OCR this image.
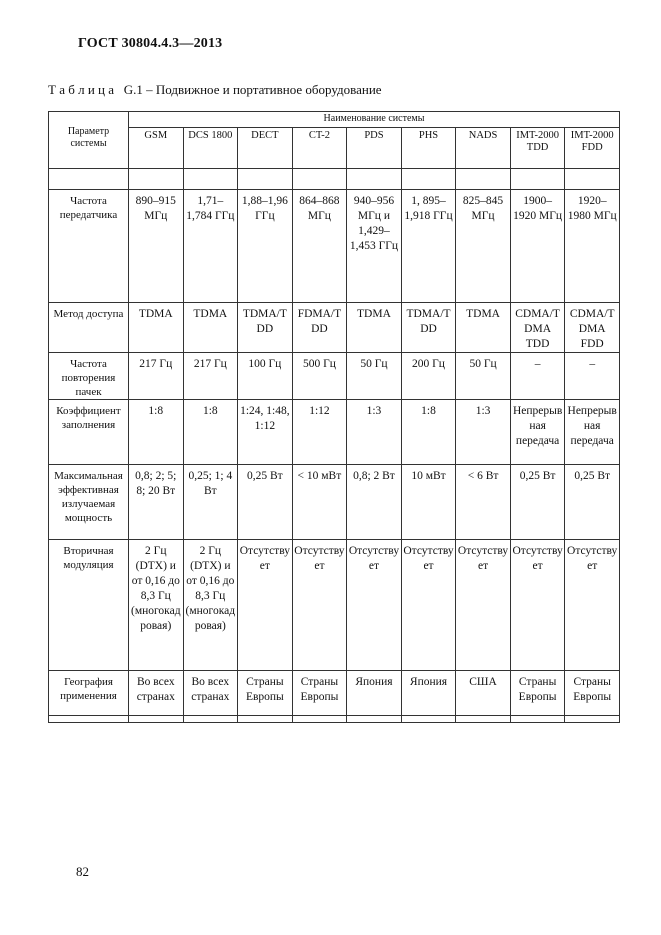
ГОСТ 30804.4.3—2013
Т а б л и ц а G.1 – Подвижное и портативное оборудование
Параметр системы	Наименование системы								
	GSM	DCS 1800	DECT	CT-2	PDS	PHS	NADS	IMT-2000 TDD	IMT-2000 FDD

Частота передатчика	890–915 МГц	1,71–1,784 ГГц	1,88–1,96 ГГц	864–868 МГц	940–956 МГц и 1,429–1,453 ГГц	1, 895–1,918 ГГц	825–845 МГц	1900–1920 МГц	1920–1980 МГц
Метод доступа	TDMA	TDMA	TDMA/TDD	FDMA/TDD	TDMA	TDMA/TDD	TDMA	CDMA/TDMA TDD	CDMA/TDMA FDD
Частота повторения пачек	217 Гц	217 Гц	100 Гц	500 Гц	50 Гц	200 Гц	50 Гц	–	–
Коэффициент заполнения	1:8	1:8	1:24, 1:48, 1:12	1:12	1:3	1:8	1:3	Непрерывная передача	Непрерывная передача
Максимальная эффективная излучаемая мощность	0,8; 2; 5; 8; 20 Вт	0,25; 1; 4 Вт	0,25 Вт	< 10 мВт	0,8; 2 Вт	10 мВт	< 6 Вт	0,25 Вт	0,25 Вт
Вторичная модуляция	2 Гц (DTX) и от 0,16 до 8,3 Гц (многокадровая)	2 Гц (DTX) и от 0,16 до 8,3 Гц (многокадровая)	Отсутствует	Отсутствует	Отсутствует	Отсутствует	Отсутствует	Отсутствует	Отсутствует
География применения	Во всех странах	Во всех странах	Страны Европы	Страны Европы	Япония	Япония	США	Страны Европы	Страны Европы

82
